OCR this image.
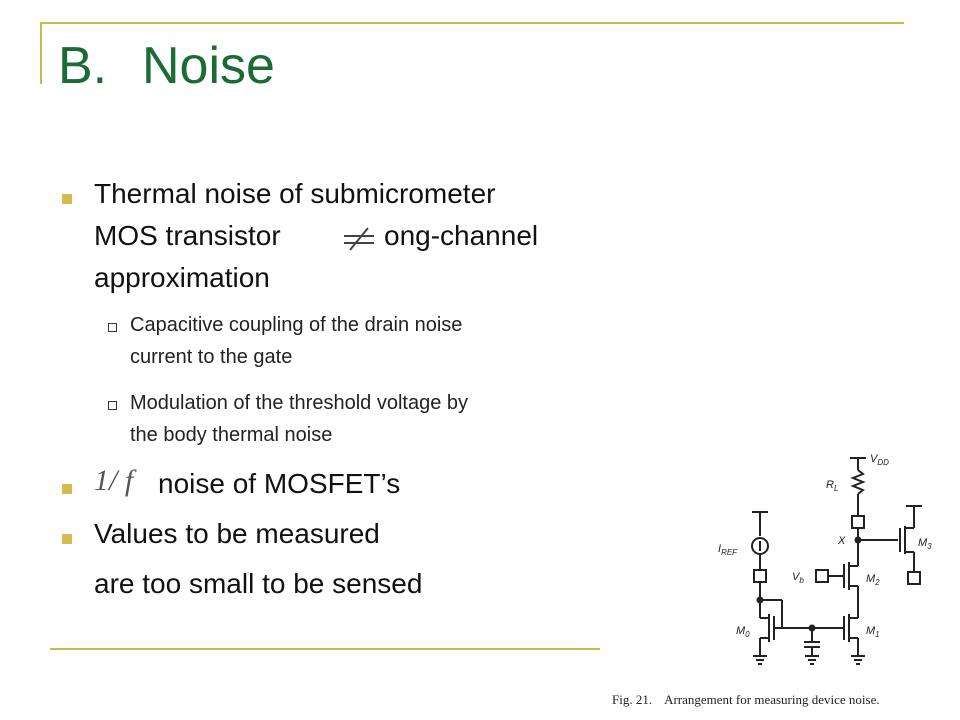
B. Noise
Thermal noise of submicrometer
MOS transistor	ong-channel
approximation
Capacitive coupling of the drain noise
current to the gate
Modulation of the threshold voltage by
the body thermal noise
1/ f noise of MOSFET’s
Values to be measured
are too small to be sensed
$V_{DD}$
$R_L$
X	$M_3$
$V_b$	$M_2$
$M_1$
$I_{REF}$
$M_0$
Fig. 21. Arrangement for measuring device noise.
